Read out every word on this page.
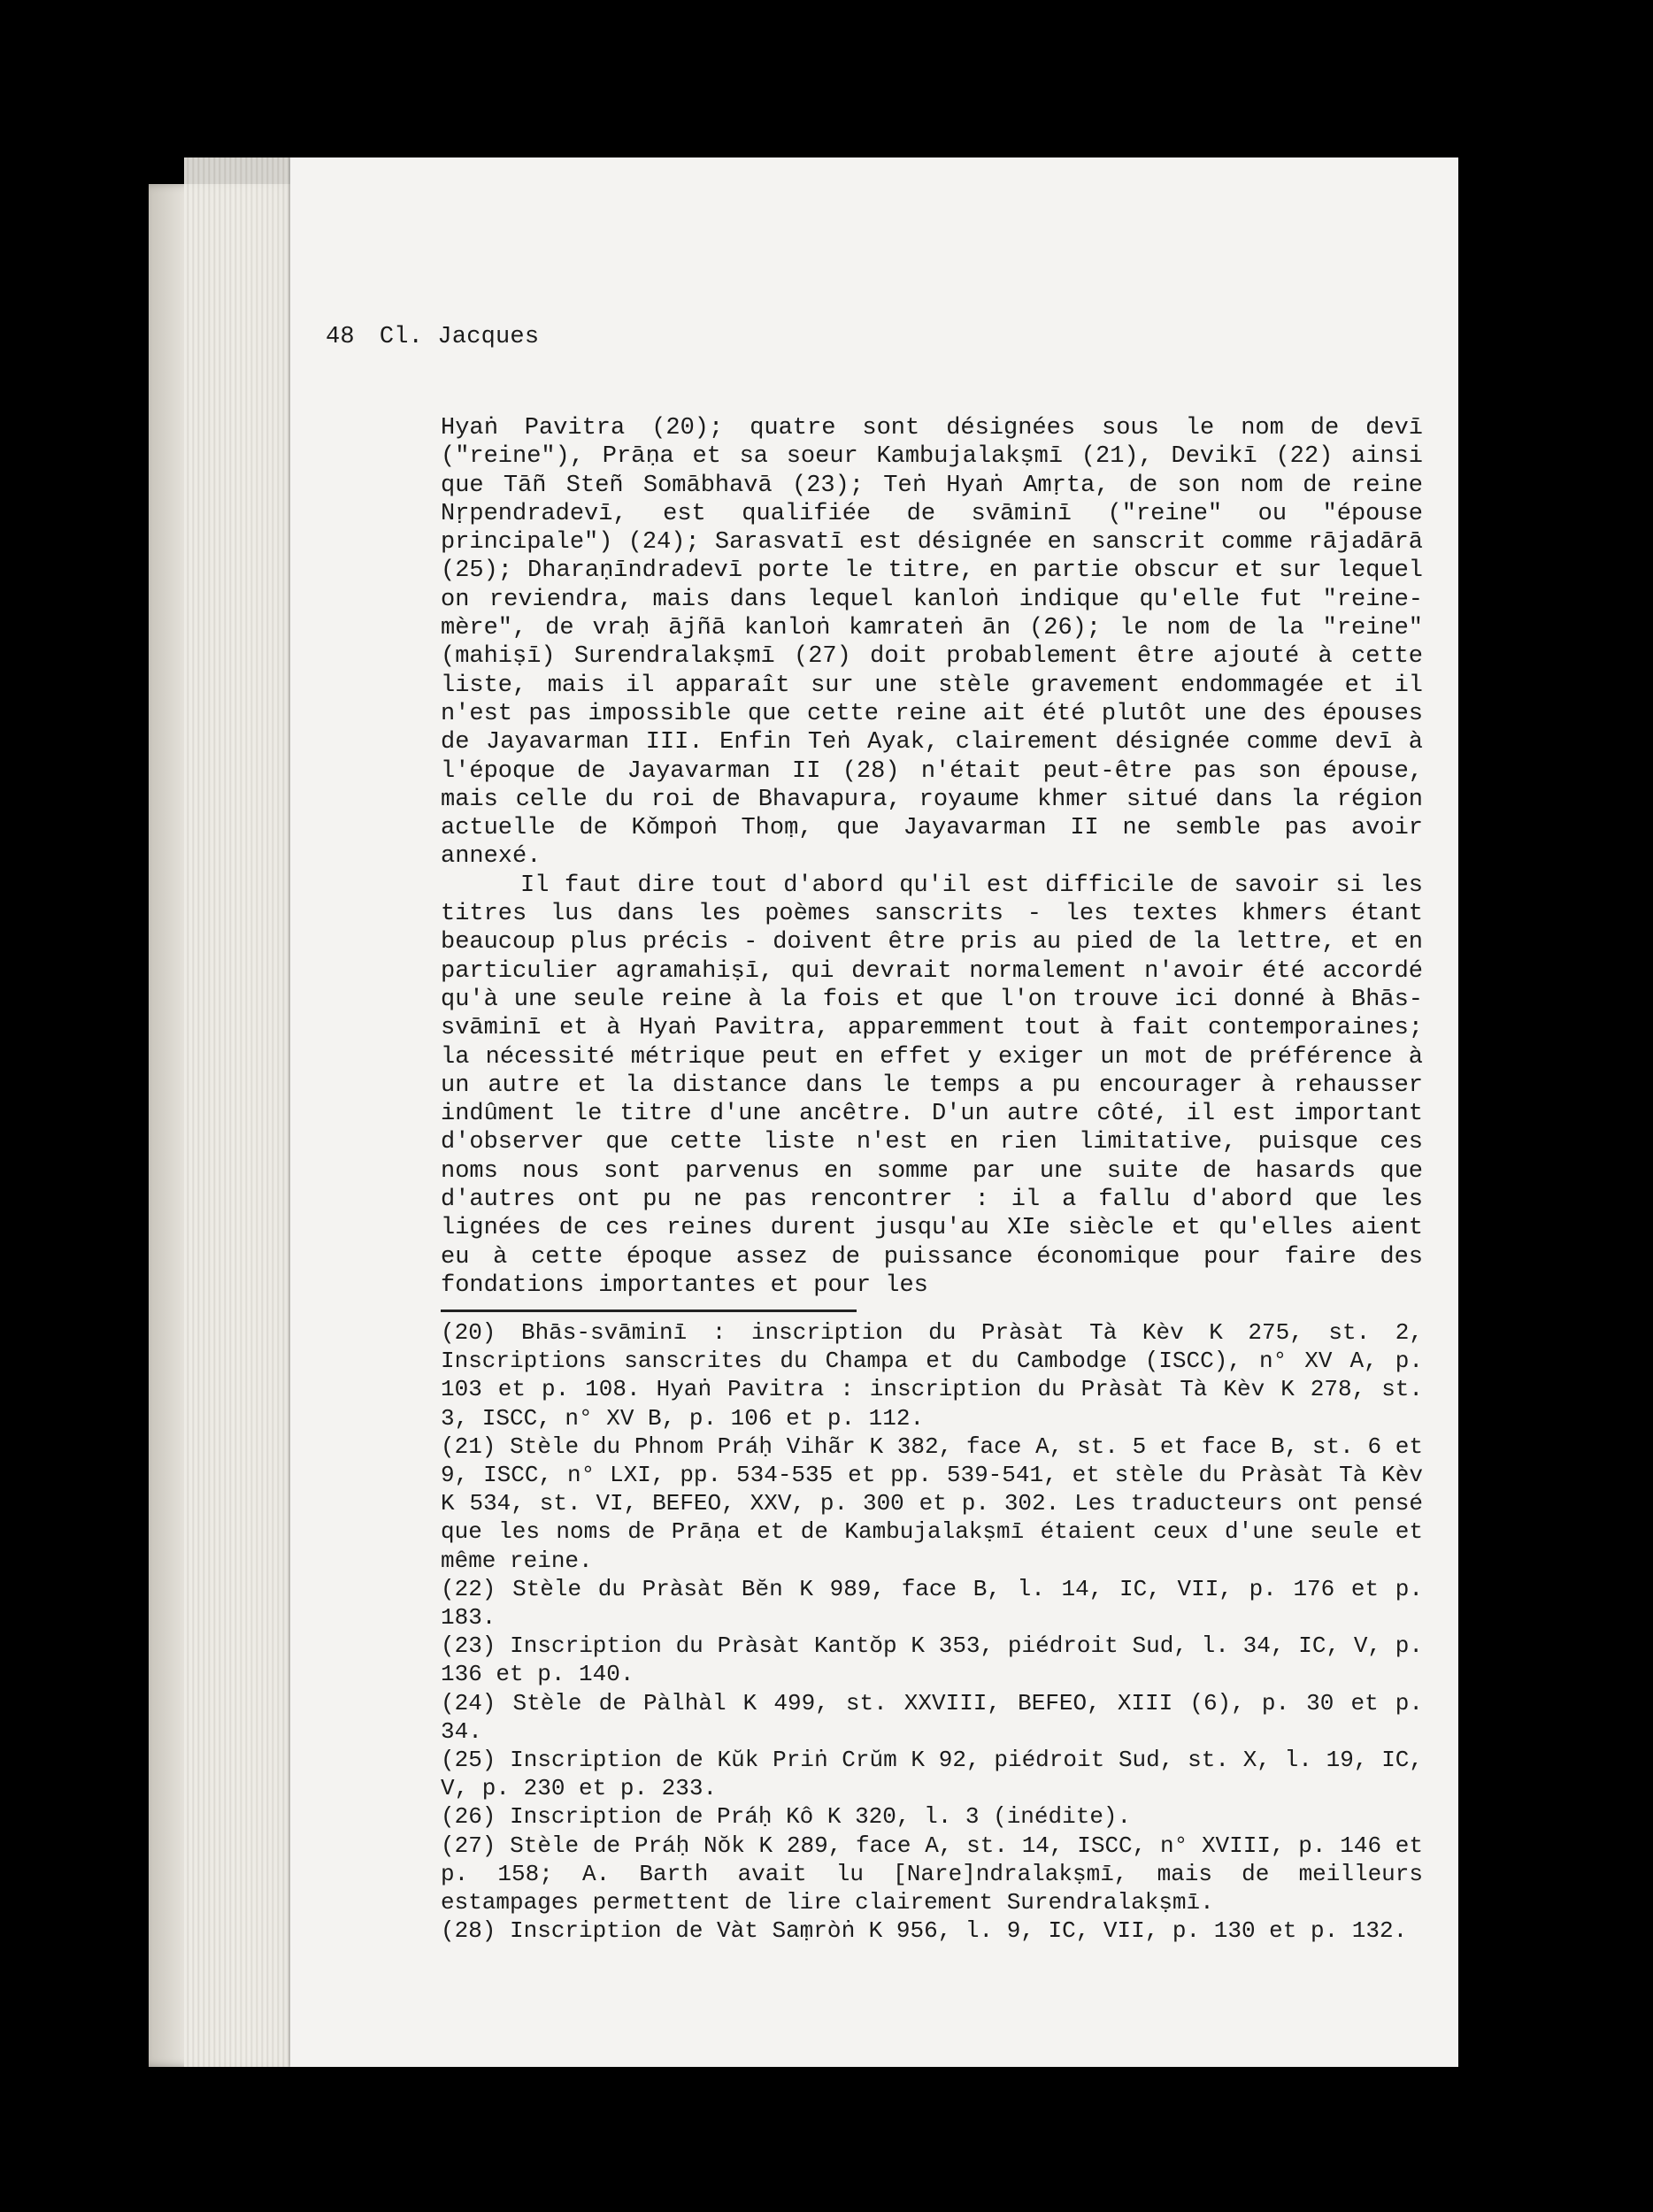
48 Cl. Jacques

Hyaṅ Pavitra (20); quatre sont désignées sous le nom de devī ("reine"), Prāṇa et sa soeur Kambujalakṣmī (21), Devikī (22) ainsi que Tāñ Steñ Somābhavā (23); Teṅ Hyaṅ Amṛta, de son nom de reine Nṛpendradevī, est qualifiée de svāminī ("reine" ou "épouse principale") (24); Sarasvatī est désignée en sanscrit comme rājadārā (25); Dharaṇīndradevī porte le titre, en partie obscur et sur lequel on reviendra, mais dans lequel kanloṅ indique qu'elle fut "reine-mère", de vraḥ ājñā kanloṅ kamrateṅ ān (26); le nom de la "reine" (mahiṣī) Surendralakṣmī (27) doit probablement être ajouté à cette liste, mais il apparaît sur une stèle gravement endommagée et il n'est pas impossible que cette reine ait été plutôt une des épouses de Jayavarman III. Enfin Teṅ Ayak, clairement désignée comme devī à l'époque de Jayavarman II (28) n'était peut-être pas son épouse, mais celle du roi de Bhavapura, royaume khmer situé dans la région actuelle de Kǒmpoṅ Thoṃ, que Jayavarman II ne semble pas avoir annexé.

Il faut dire tout d'abord qu'il est difficile de savoir si les titres lus dans les poèmes sanscrits - les textes khmers étant beaucoup plus précis - doivent être pris au pied de la lettre, et en particulier agramahiṣī, qui devrait normalement n'avoir été accordé qu'à une seule reine à la fois et que l'on trouve ici donné à Bhās-svāminī et à Hyaṅ Pavitra, apparemment tout à fait contemporaines; la nécessité métrique peut en effet y exiger un mot de préférence à un autre et la distance dans le temps a pu encourager à rehausser indûment le titre d'une ancêtre. D'un autre côté, il est important d'observer que cette liste n'est en rien limitative, puisque ces noms nous sont parvenus en somme par une suite de hasards que d'autres ont pu ne pas rencontrer : il a fallu d'abord que les lignées de ces reines durent jusqu'au XIe siècle et qu'elles aient eu à cette époque assez de puissance économique pour faire des fondations importantes et pour les

(20) Bhās-svāminī : inscription du Pràsàt Tà Kèv K 275, st. 2, Inscriptions sanscrites du Champa et du Cambodge (ISCC), n° XV A, p. 103 et p. 108. Hyaṅ Pavitra : inscription du Pràsàt Tà Kèv K 278, st. 3, ISCC, n° XV B, p. 106 et p. 112.

(21) Stèle du Phnom Práḥ Vihãr K 382, face A, st. 5 et face B, st. 6 et 9, ISCC, n° LXI, pp. 534-535 et pp. 539-541, et stèle du Pràsàt Tà Kèv K 534, st. VI, BEFEO, XXV, p. 300 et p. 302. Les traducteurs ont pensé que les noms de Prāṇa et de Kambujalakṣmī étaient ceux d'une seule et même reine.

(22) Stèle du Pràsàt Bĕn K 989, face B, l. 14, IC, VII, p. 176 et p. 183.

(23) Inscription du Pràsàt Kantŏp K 353, piédroit Sud, l. 34, IC, V, p. 136 et p. 140.

(24) Stèle de Pàlhàl K 499, st. XXVIII, BEFEO, XIII (6), p. 30 et p. 34.

(25) Inscription de Kŭk Priṅ Crŭm K 92, piédroit Sud, st. X, l. 19, IC, V, p. 230 et p. 233.

(26) Inscription de Práḥ Kô K 320, l. 3 (inédite).

(27) Stèle de Práḥ Nŏk K 289, face A, st. 14, ISCC, n° XVIII, p. 146 et p. 158; A. Barth avait lu [Nare]ndralakṣmī, mais de meilleurs estampages permettent de lire clairement Surendralakṣmī.

(28) Inscription de Vàt Saṃròṅ K 956, l. 9, IC, VII, p. 130 et p. 132.
